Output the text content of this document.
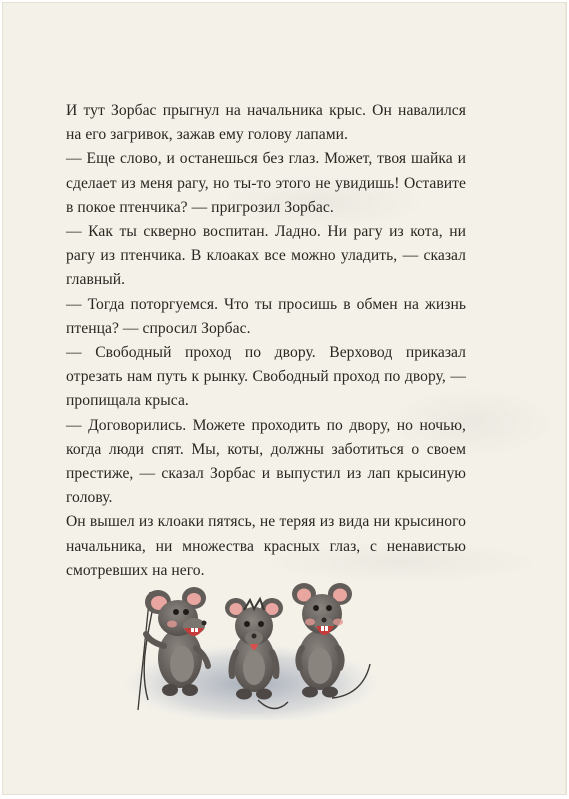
И тут Зорбас прыгнул на начальника крыс. Он навалился на его загривок, зажав ему голову лапами.

— Еще слово, и останешься без глаз. Может, твоя шайка и сделает из меня рагу, но ты-то этого не увидишь! Оставите в покое птенчика? — пригрозил Зорбас.

— Как ты скверно воспитан. Ладно. Ни рагу из кота, ни рагу из птенчика. В клоаках все можно уладить, — сказал главный.

— Тогда поторгуемся. Что ты просишь в обмен на жизнь птенца? — спросил Зорбас.

— Свободный проход по двору. Верховод приказал отрезать нам путь к рынку. Свободный проход по двору, — пропищала крыса.

— Договорились. Можете проходить по двору, но ночью, когда люди спят. Мы, коты, должны заботиться о своем престиже, — сказал Зорбас и выпустил из лап крысиную голову.

Он вышел из клоаки пятясь, не теряя из вида ни крысиного начальника, ни множества красных глаз, с ненавистью смотревших на него.
